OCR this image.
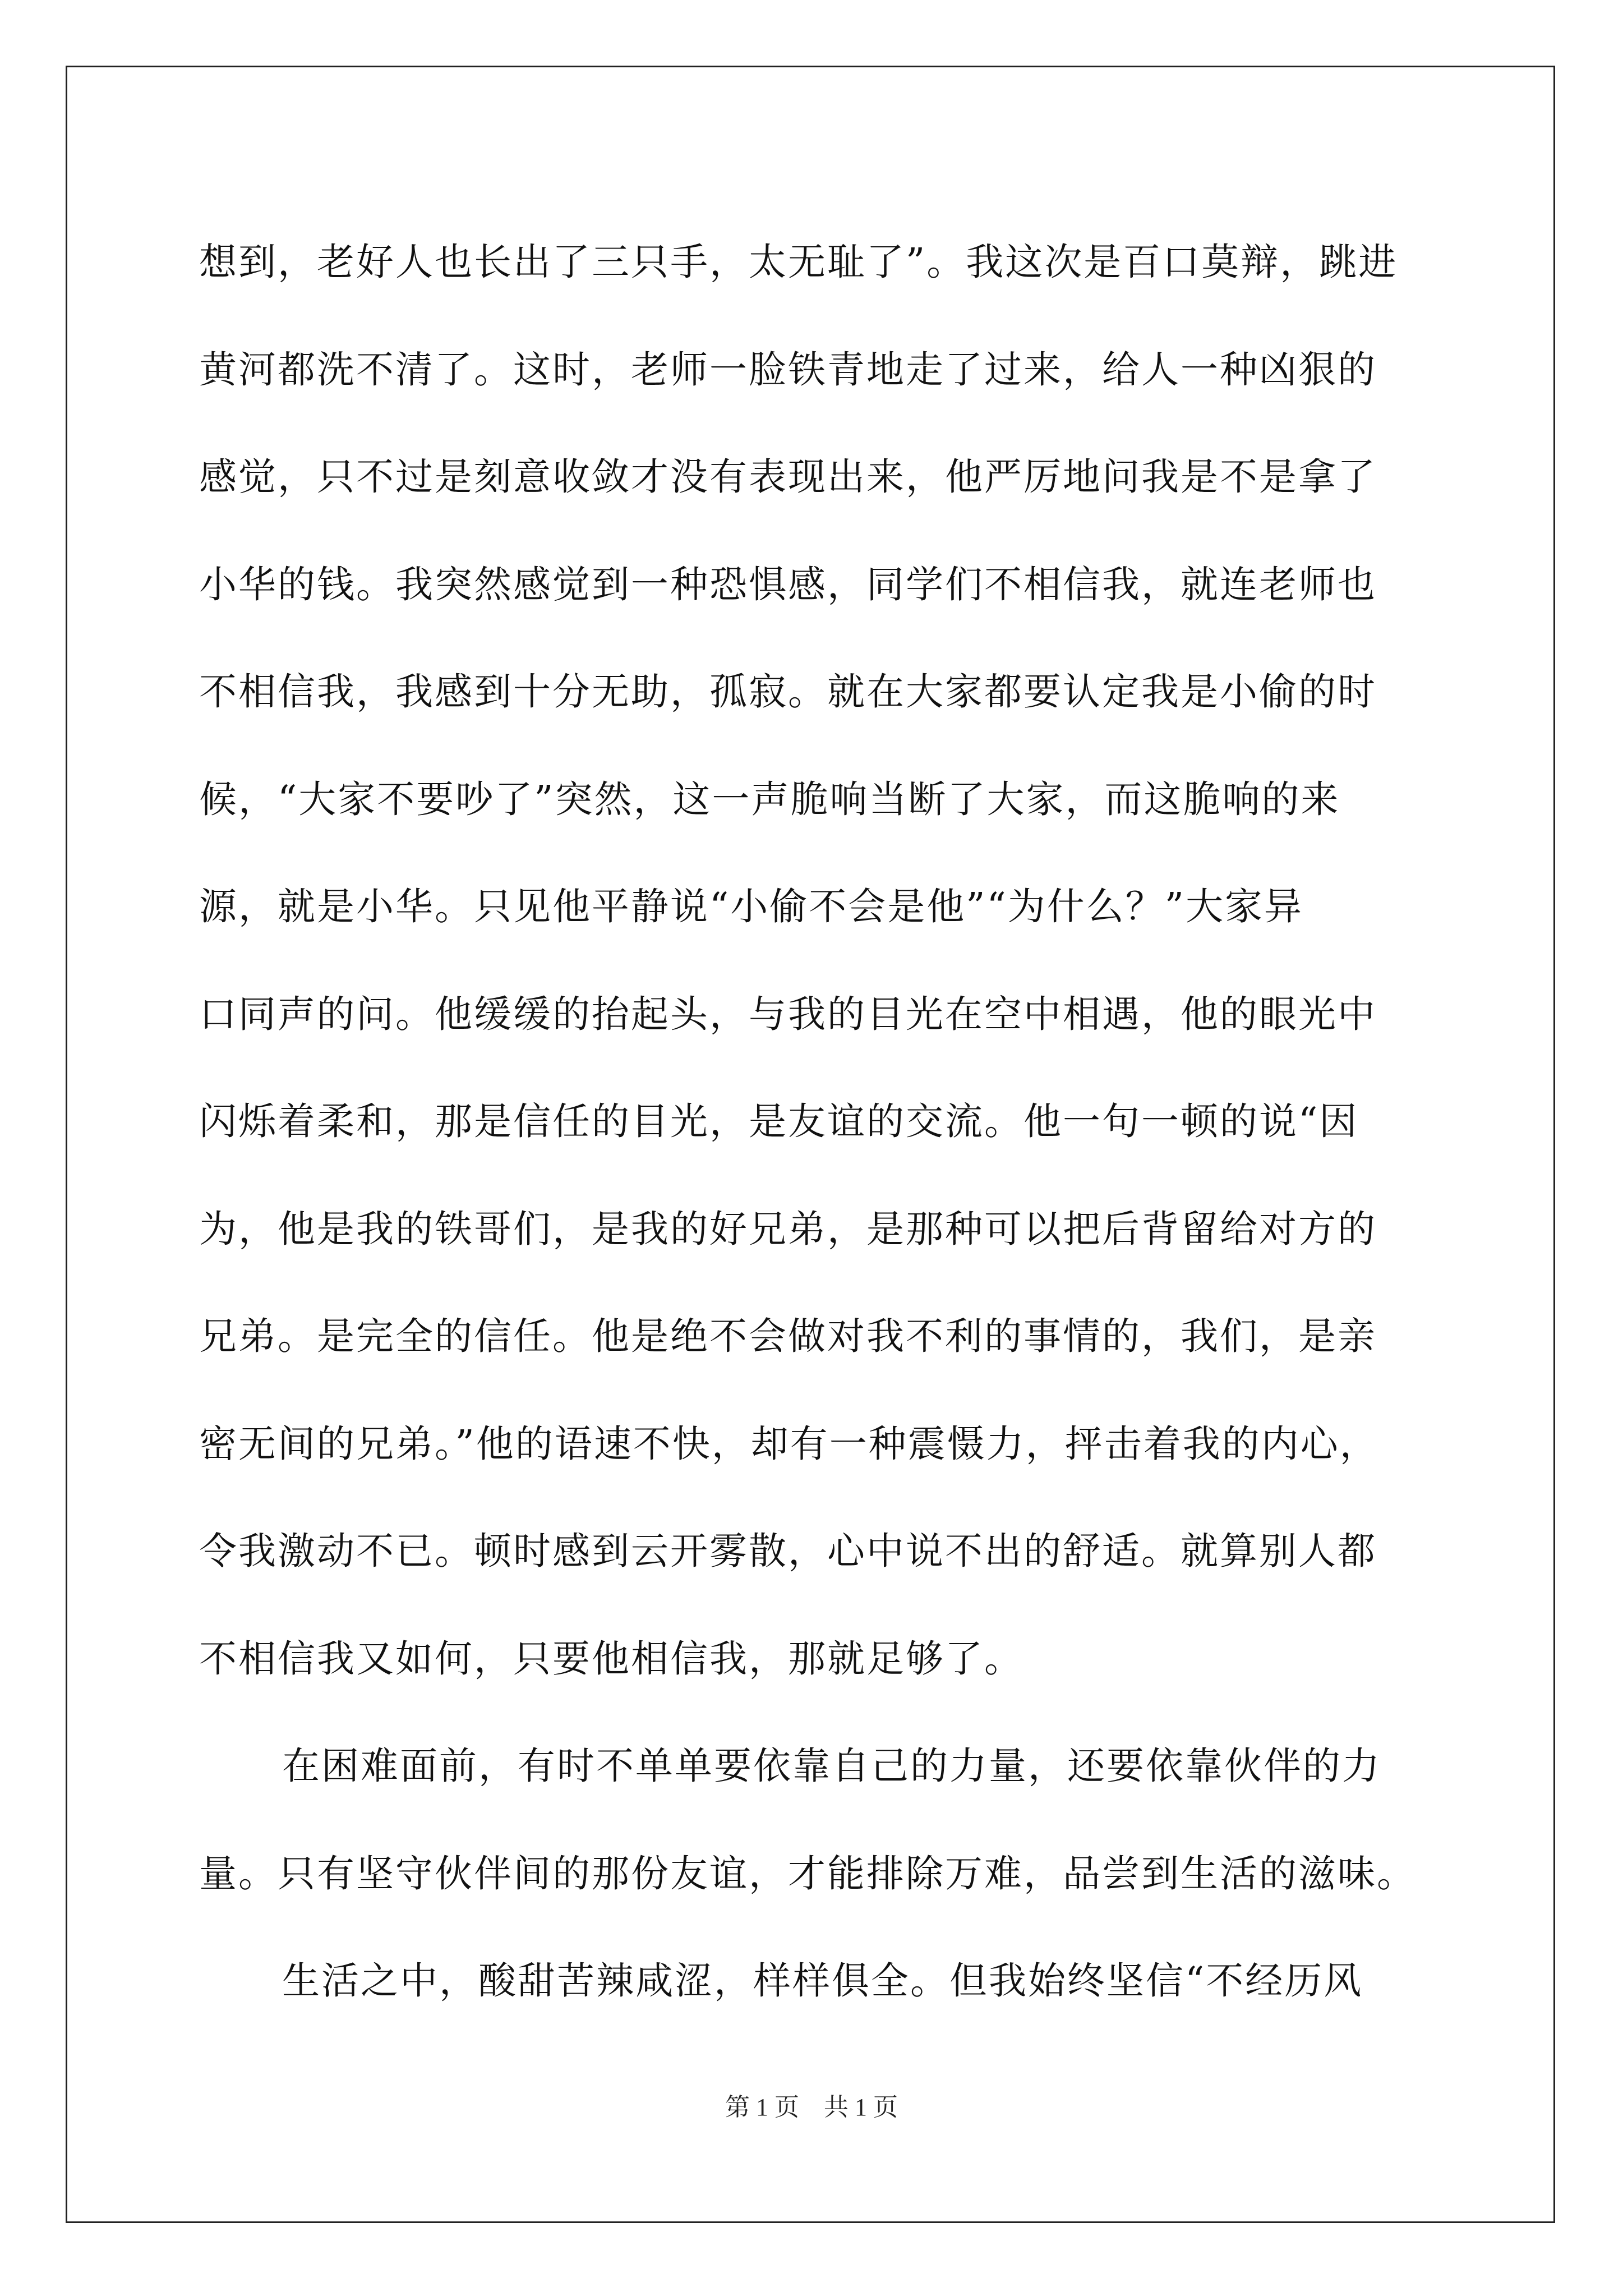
想到，老好人也长出了三只手，太无耻了”。我这次是百口莫辩，跳进
黄河都洗不清了。这时，老师一脸铁青地走了过来，给人一种凶狠的
感觉，只不过是刻意收敛才没有表现出来，他严厉地问我是不是拿了
小华的钱。我突然感觉到一种恐惧感，同学们不相信我，就连老师也
不相信我，我感到十分无助，孤寂。就在大家都要认定我是小偷的时
候，“大家不要吵了”突然，这一声脆响当断了大家，而这脆响的来
源，就是小华。只见他平静说“小偷不会是他”“为什么？”大家异
口同声的问。他缓缓的抬起头，与我的目光在空中相遇，他的眼光中
闪烁着柔和，那是信任的目光，是友谊的交流。他一句一顿的说“因
为，他是我的铁哥们，是我的好兄弟，是那种可以把后背留给对方的
兄弟。是完全的信任。他是绝不会做对我不利的事情的，我们，是亲
密无间的兄弟。”他的语速不快，却有一种震慑力，抨击着我的内心，
令我激动不已。顿时感到云开雾散，心中说不出的舒适。就算别人都
不相信我又如何，只要他相信我，那就足够了。
在困难面前，有时不单单要依靠自己的力量，还要依靠伙伴的力
量。只有坚守伙伴间的那份友谊，才能排除万难，品尝到生活的滋味。
生活之中，酸甜苦辣咸涩，样样俱全。但我始终坚信“不经历风
第 1 页　共 1 页
